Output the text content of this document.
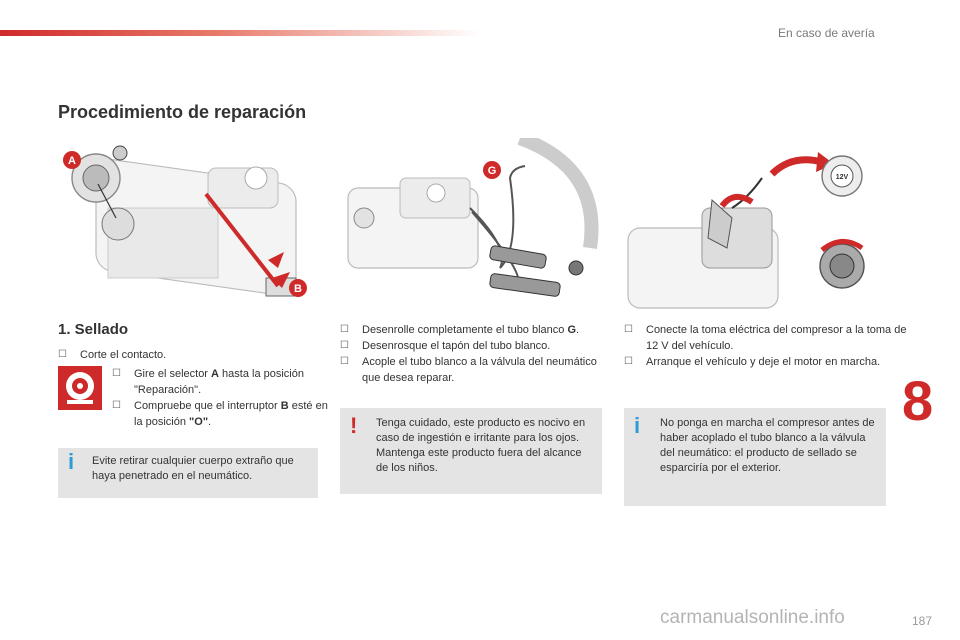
En caso de avería
Procedimiento de reparación
A
B
G
12V
1. Sellado
☐ Corte el contacto.
☐ Gire el selector A hasta la posición "Reparación".
☐ Compruebe que el interruptor B esté en la posición "O".
i Evite retirar cualquier cuerpo extraño que haya penetrado en el neumático.

☐ Desenrolle completamente el tubo blanco G.
☐ Desenrosque el tapón del tubo blanco.
☐ Acople el tubo blanco a la válvula del neumático que desea reparar.
! Tenga cuidado, este producto es nocivo en caso de ingestión e irritante para los ojos.

Mantenga este producto fuera del alcance de los niños.

☐ Conecte la toma eléctrica del compresor a la toma de 12 V del vehículo.
☐ Arranque el vehículo y deje el motor en marcha.
i No ponga en marcha el compresor antes de haber acoplado el tubo blanco a la válvula del neumático: el producto de sellado se esparciría por el exterior.

8
carmanualsonline.info	187
